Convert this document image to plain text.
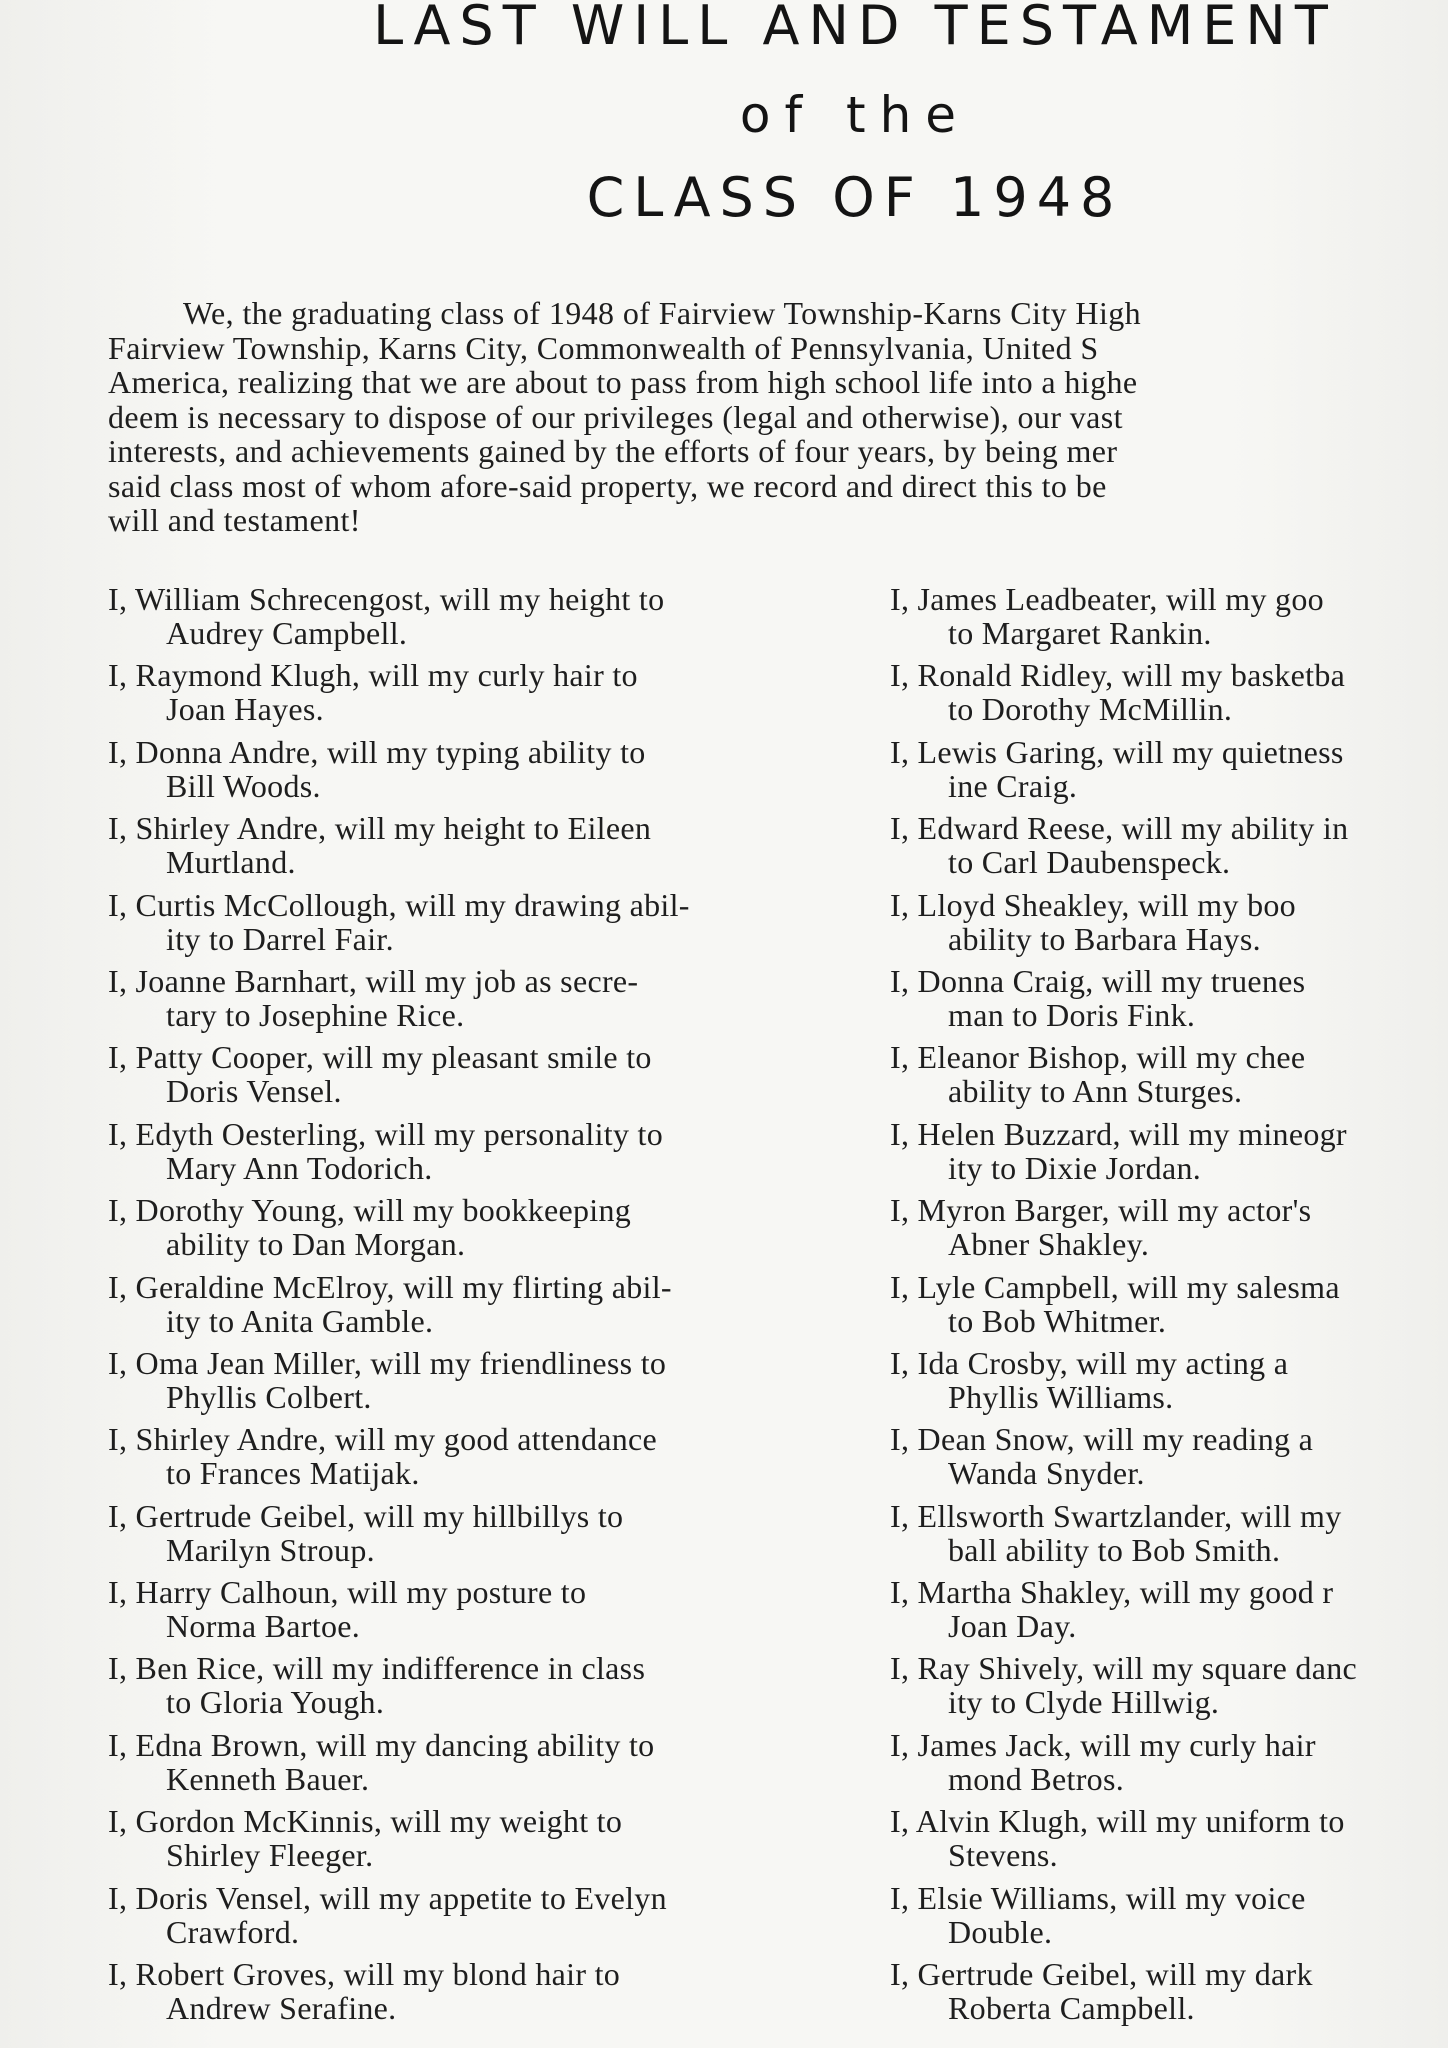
LAST WILL AND TESTAMENT
of the
CLASS OF 1948
We, the graduating class of 1948 of Fairview Township-Karns City High
Fairview Township, Karns City, Commonwealth of Pennsylvania, United S
America, realizing that we are about to pass from high school life into a highe
deem is necessary to dispose of our privileges (legal and otherwise), our vast
interests, and achievements gained by the efforts of four years, by being mer
said class most of whom afore-said property, we record and direct this to be
will and testament!
I, William Schrecengost, will my height to
Audrey Campbell.
I, Raymond Klugh, will my curly hair to
Joan Hayes.
I, Donna Andre, will my typing ability to
Bill Woods.
I, Shirley Andre, will my height to Eileen
Murtland.
I, Curtis McCollough, will my drawing abil-
ity to Darrel Fair.
I, Joanne Barnhart, will my job as secre-
tary to Josephine Rice.
I, Patty Cooper, will my pleasant smile to
Doris Vensel.
I, Edyth Oesterling, will my personality to
Mary Ann Todorich.
I, Dorothy Young, will my bookkeeping
ability to Dan Morgan.
I, Geraldine McElroy, will my flirting abil-
ity to Anita Gamble.
I, Oma Jean Miller, will my friendliness to
Phyllis Colbert.
I, Shirley Andre, will my good attendance
to Frances Matijak.
I, Gertrude Geibel, will my hillbillys to
Marilyn Stroup.
I, Harry Calhoun, will my posture to
Norma Bartoe.
I, Ben Rice, will my indifference in class
to Gloria Yough.
I, Edna Brown, will my dancing ability to
Kenneth Bauer.
I, Gordon McKinnis, will my weight to
Shirley Fleeger.
I, Doris Vensel, will my appetite to Evelyn
Crawford.
I, Robert Groves, will my blond hair to
Andrew Serafine.
I, James Leadbeater, will my goo
to Margaret Rankin.
I, Ronald Ridley, will my basketba
to Dorothy McMillin.
I, Lewis Garing, will my quietness
ine Craig.
I, Edward Reese, will my ability in
to Carl Daubenspeck.
I, Lloyd Sheakley, will my boo
ability to Barbara Hays.
I, Donna Craig, will my truenes
man to Doris Fink.
I, Eleanor Bishop, will my chee
ability to Ann Sturges.
I, Helen Buzzard, will my mineogr
ity to Dixie Jordan.
I, Myron Barger, will my actor's
Abner Shakley.
I, Lyle Campbell, will my salesma
to Bob Whitmer.
I, Ida Crosby, will my acting a
Phyllis Williams.
I, Dean Snow, will my reading a
Wanda Snyder.
I, Ellsworth Swartzlander, will my
ball ability to Bob Smith.
I, Martha Shakley, will my good r
Joan Day.
I, Ray Shively, will my square danc
ity to Clyde Hillwig.
I, James Jack, will my curly hair
mond Betros.
I, Alvin Klugh, will my uniform to
Stevens.
I, Elsie Williams, will my voice
Double.
I, Gertrude Geibel, will my dark
Roberta Campbell.
